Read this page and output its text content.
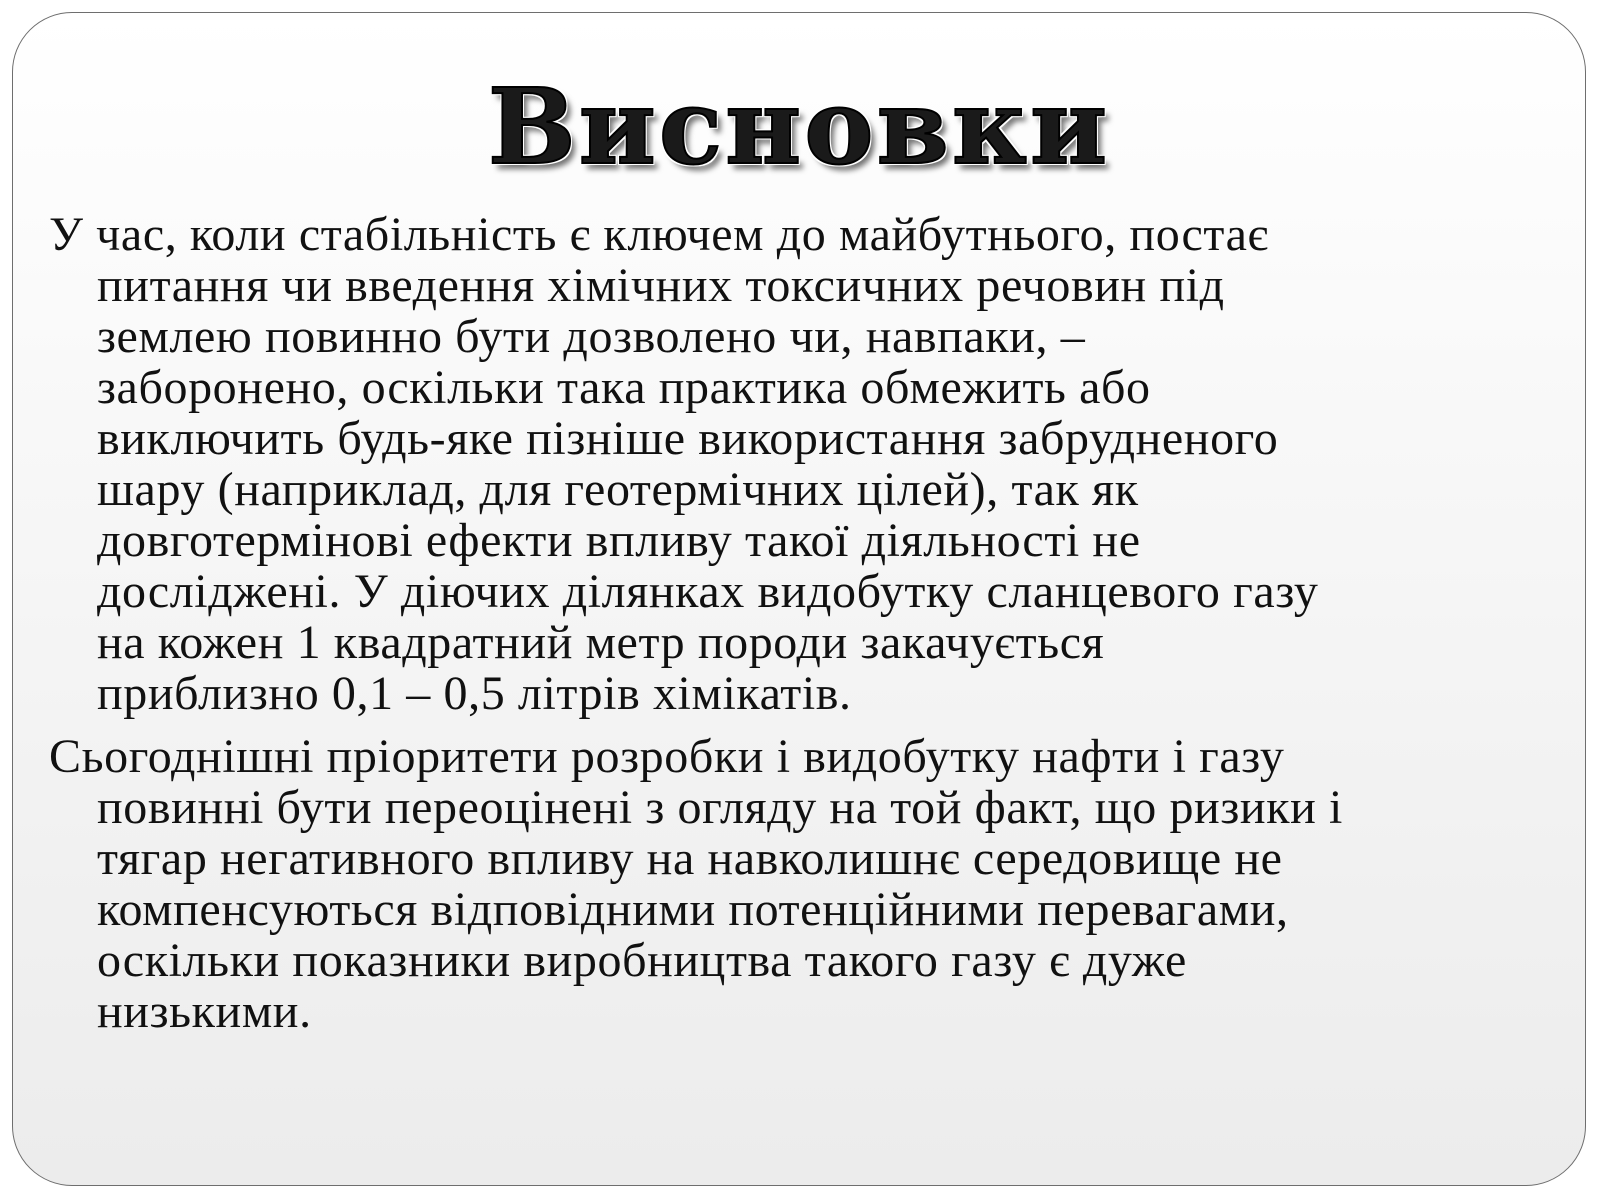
Висновки

У час, коли стабільність є ключем до майбутнього, постає
питання чи введення хімічних токсичних речовин під
землею повинно бути дозволено чи, навпаки, –
заборонено, оскільки така практика обмежить або
виключить будь-яке пізніше використання забрудненого
шару (наприклад, для геотермічних цілей), так як
довготермінові ефекти впливу такої діяльності не
досліджені. У діючих ділянках видобутку сланцевого газу
на кожен 1 квадратний метр породи закачується
приблизно 0,1 – 0,5 літрів хімікатів.

Сьогоднішні пріоритети розробки і видобутку нафти і газу
повинні бути переоцінені з огляду на той факт, що ризики і
тягар негативного впливу на навколишнє середовище не
компенсуються відповідними потенційними перевагами,
оскільки показники виробництва такого газу є дуже
низькими.
